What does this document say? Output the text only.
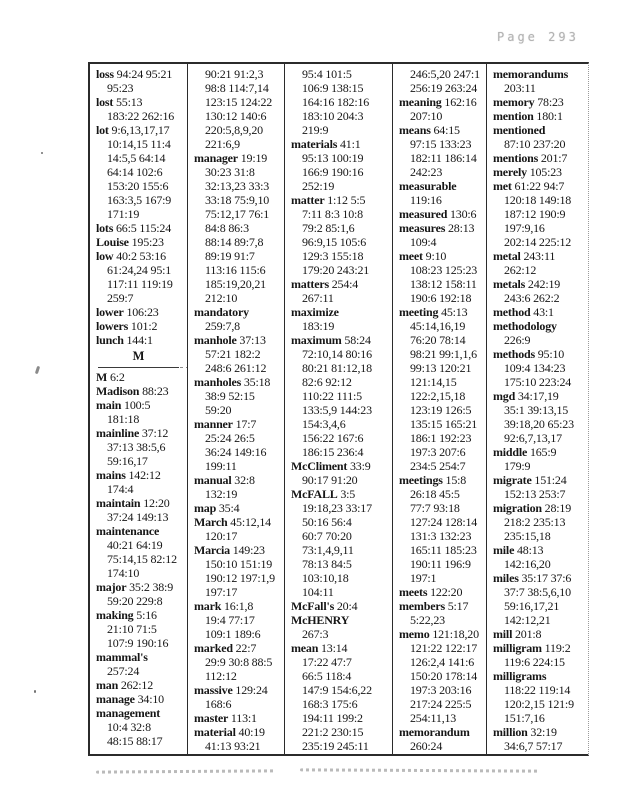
Page 293
loss 94:24 95:21
95:23
lost 55:13
183:22 262:16
lot 9:6,13,17,17
10:14,15 11:4
14:5,5 64:14
64:14 102:6
153:20 155:6
163:3,5 167:9
171:19
lots 66:5 115:24
Louise 195:23
low 40:2 53:16
61:24,24 95:1
117:11 119:19
259:7
lower 106:23
lowers 101:2
lunch 144:1
M
M 6:2
Madison 88:23
main 100:5
181:18
mainline 37:12
37:13 38:5,6
59:16,17
mains 142:12
174:4
maintain 12:20
37:24 149:13
maintenance
40:21 64:19
75:14,15 82:12
174:10
major 35:2 38:9
59:20 229:8
making 5:16
21:10 71:5
107:9 190:16
mammal's
257:24
man 262:12
manage 34:10
management
10:4 32:8
48:15 88:17
90:21 91:2,3
98:8 114:7,14
123:15 124:22
130:12 140:6
220:5,8,9,20
221:6,9
manager 19:19
30:23 31:8
32:13,23 33:3
33:18 75:9,10
75:12,17 76:1
84:8 86:3
88:14 89:7,8
89:19 91:7
113:16 115:6
185:19,20,21
212:10
mandatory
259:7,8
manhole 37:13
57:21 182:2
248:6 261:12
manholes 35:18
38:9 52:15
59:20
manner 17:7
25:24 26:5
36:24 149:16
199:11
manual 32:8
132:19
map 35:4
March 45:12,14
120:17
Marcia 149:23
150:10 151:19
190:12 197:1,9
197:17
mark 16:1,8
19:4 77:17
109:1 189:6
marked 22:7
29:9 30:8 88:5
112:12
massive 129:24
168:6
master 113:1
material 40:19
41:13 93:21
95:4 101:5
106:9 138:15
164:16 182:16
183:10 204:3
219:9
materials 41:1
95:13 100:19
166:9 190:16
252:19
matter 1:12 5:5
7:11 8:3 10:8
79:2 85:1,6
96:9,15 105:6
129:3 155:18
179:20 243:21
matters 254:4
267:11
maximize
183:19
maximum 58:24
72:10,14 80:16
80:21 81:12,18
82:6 92:12
110:22 111:5
133:5,9 144:23
154:3,4,6
156:22 167:6
186:15 236:4
McCliment 33:9
90:17 91:20
McFALL 3:5
19:18,23 33:17
50:16 56:4
60:7 70:20
73:1,4,9,11
78:13 84:5
103:10,18
104:11
McFall's 20:4
McHENRY
267:3
mean 13:14
17:22 47:7
66:5 118:4
147:9 154:6,22
168:3 175:6
194:11 199:2
221:2 230:15
235:19 245:11
246:5,20 247:1
256:19 263:24
meaning 162:16
207:10
means 64:15
97:15 133:23
182:11 186:14
242:23
measurable
119:16
measured 130:6
measures 28:13
109:4
meet 9:10
108:23 125:23
138:12 158:11
190:6 192:18
meeting 45:13
45:14,16,19
76:20 78:14
98:21 99:1,1,6
99:13 120:21
121:14,15
122:2,15,18
123:19 126:5
135:15 165:21
186:1 192:23
197:3 207:6
234:5 254:7
meetings 15:8
26:18 45:5
77:7 93:18
127:24 128:14
131:3 132:23
165:11 185:23
190:11 196:9
197:1
meets 122:20
members 5:17
5:22,23
memo 121:18,20
121:22 122:17
126:2,4 141:6
150:20 178:14
197:3 203:16
217:24 225:5
254:11,13
memorandum
260:24
memorandums
203:11
memory 78:23
mention 180:1
mentioned
87:10 237:20
mentions 201:7
merely 105:23
met 61:22 94:7
120:18 149:18
187:12 190:9
197:9,16
202:14 225:12
metal 243:11
262:12
metals 242:19
243:6 262:2
method 43:1
methodology
226:9
methods 95:10
109:4 134:23
175:10 223:24
mgd 34:17,19
35:1 39:13,15
39:18,20 65:23
92:6,7,13,17
middle 165:9
179:9
migrate 151:24
152:13 253:7
migration 28:19
218:2 235:13
235:15,18
mile 48:13
142:16,20
miles 35:17 37:6
37:7 38:5,6,10
59:16,17,21
142:12,21
mill 201:8
milligram 119:2
119:6 224:15
milligrams
118:22 119:14
120:2,15 121:9
151:7,16
million 32:19
34:6,7 57:17
